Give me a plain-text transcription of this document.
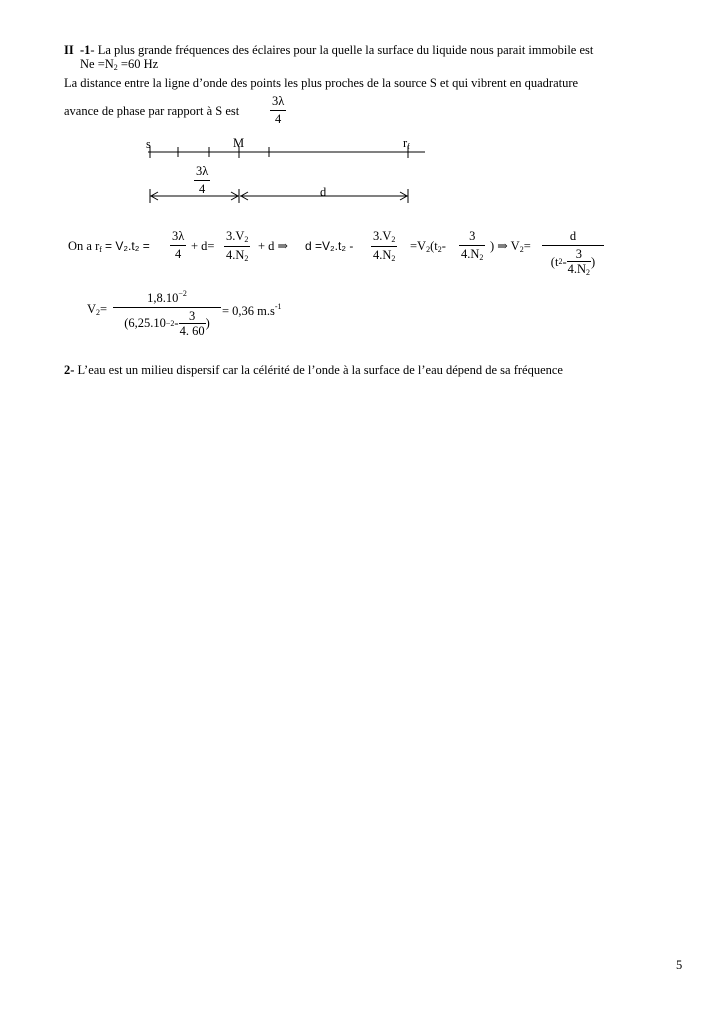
II -1- La plus grande fréquences des éclaires pour la quelle la surface du liquide nous parait immobile est
$Ne =N_2 =60$ Hz
La distance entre la ligne d’onde des points les plus proches de la source S et qui vibrent en quadrature
avance de phase par rapport à S est
3λ
4
s	M	$r_f$
3λ
4	d
On a $r_f = V_2.t_2$ =
3λ
4
+ d=
$3.V_2$
$4.N_2$
+ d ⇒ d =V₂.t₂ -
$3.V_2$
$4.N_2$
$=V_2(t_2-$
3
$4.N_2$
) ⇒ $V_2=$
d
(t 2 -
3
$4.N_2$
)
$V_2=$
$1,8.10^{-2}$
(6,25.10 −2 -
3
4. 60
)
= 0,36 $m.s^{-1}$
2- L’eau est un milieu dispersif car la célérité de l’onde à la surface de l’eau dépend de sa fréquence
5
